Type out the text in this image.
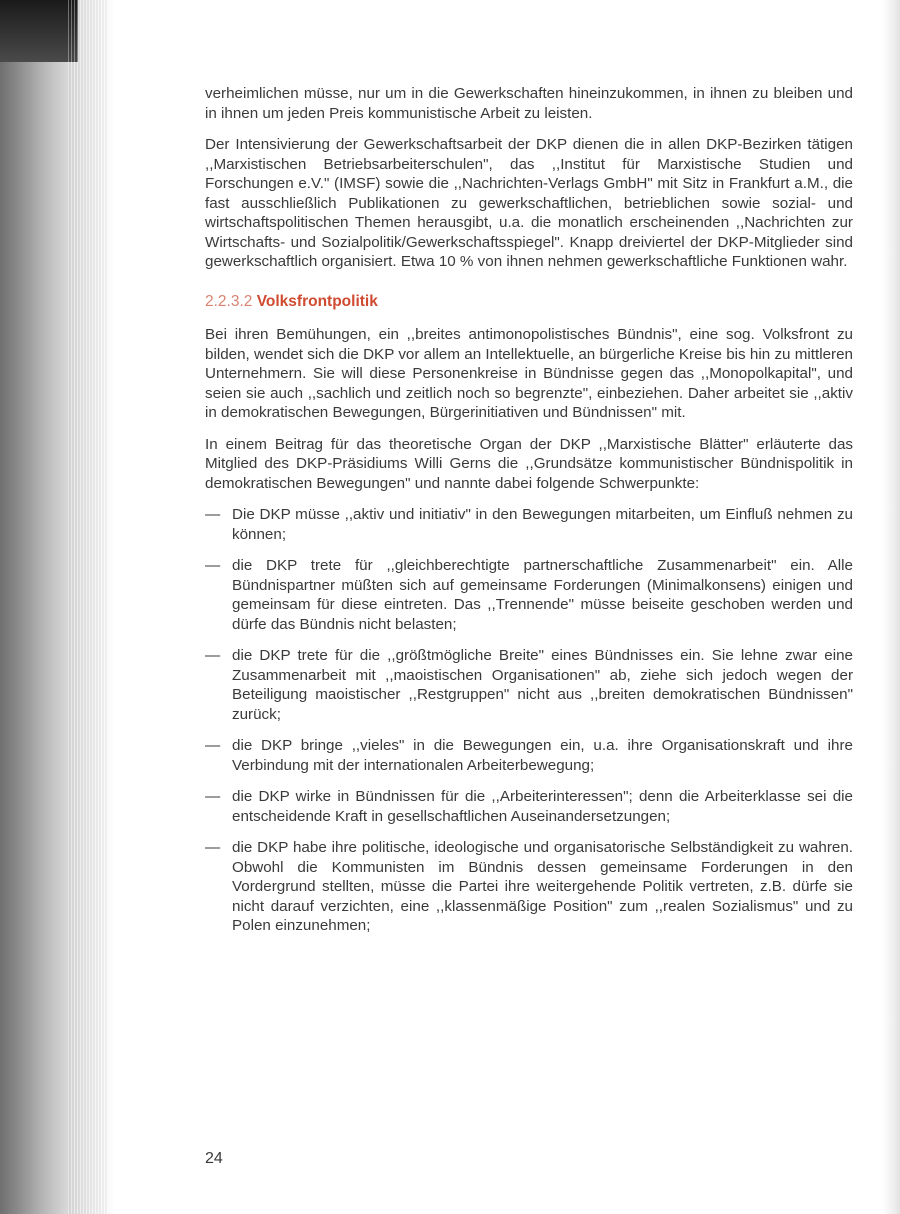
verheimlichen müsse, nur um in die Gewerkschaften hineinzukommen, in ihnen zu bleiben und in ihnen um jeden Preis kommunistische Arbeit zu leisten.

Der Intensivierung der Gewerkschaftsarbeit der DKP dienen die in allen DKP-Bezirken tätigen ,,Marxistischen Betriebsarbeiterschulen", das ,,Institut für Marxistische Studien und Forschungen e.V." (IMSF) sowie die ,,Nachrichten-Verlags GmbH" mit Sitz in Frankfurt a.M., die fast ausschließlich Publikationen zu gewerkschaftlichen, betrieblichen sowie sozial- und wirtschaftspolitischen Themen herausgibt, u.a. die monatlich erscheinenden ,,Nachrichten zur Wirtschafts- und Sozialpolitik/Gewerkschaftsspiegel". Knapp dreiviertel der DKP-Mitglieder sind gewerkschaftlich organisiert. Etwa 10 % von ihnen nehmen gewerkschaftliche Funktionen wahr.

2.2.3.2 Volksfrontpolitik

Bei ihren Bemühungen, ein ,,breites antimonopolistisches Bündnis", eine sog. Volksfront zu bilden, wendet sich die DKP vor allem an Intellektuelle, an bürgerliche Kreise bis hin zu mittleren Unternehmern. Sie will diese Personenkreise in Bündnisse gegen das ,,Monopolkapital", und seien sie auch ,,sachlich und zeitlich noch so begrenzte", einbeziehen. Daher arbeitet sie ,,aktiv in demokratischen Bewegungen, Bürgerinitiativen und Bündnissen" mit.

In einem Beitrag für das theoretische Organ der DKP ,,Marxistische Blätter" erläuterte das Mitglied des DKP-Präsidiums Willi Gerns die ,,Grundsätze kommunistischer Bündnispolitik in demokratischen Bewegungen" und nannte dabei folgende Schwerpunkte:

— Die DKP müsse ,,aktiv und initiativ" in den Bewegungen mitarbeiten, um Einfluß nehmen zu können;
— die DKP trete für ,,gleichberechtigte partnerschaftliche Zusammenarbeit" ein. Alle Bündnispartner müßten sich auf gemeinsame Forderungen (Minimalkonsens) einigen und gemeinsam für diese eintreten. Das ,,Trennende" müsse beiseite geschoben werden und dürfe das Bündnis nicht belasten;
— die DKP trete für die ,,größtmögliche Breite" eines Bündnisses ein. Sie lehne zwar eine Zusammenarbeit mit ,,maoistischen Organisationen" ab, ziehe sich jedoch wegen der Beteiligung maoistischer ,,Restgruppen" nicht aus ,,breiten demokratischen Bündnissen" zurück;
— die DKP bringe ,,vieles" in die Bewegungen ein, u.a. ihre Organisationskraft und ihre Verbindung mit der internationalen Arbeiterbewegung;
— die DKP wirke in Bündnissen für die ,,Arbeiterinteressen"; denn die Arbeiterklasse sei die entscheidende Kraft in gesellschaftlichen Auseinandersetzungen;
— die DKP habe ihre politische, ideologische und organisatorische Selbständigkeit zu wahren. Obwohl die Kommunisten im Bündnis dessen gemeinsame Forderungen in den Vordergrund stellten, müsse die Partei ihre weitergehende Politik vertreten, z.B. dürfe sie nicht darauf verzichten, eine ,,klassenmäßige Position" zum ,,realen Sozialismus" und zu Polen einzunehmen;
24
